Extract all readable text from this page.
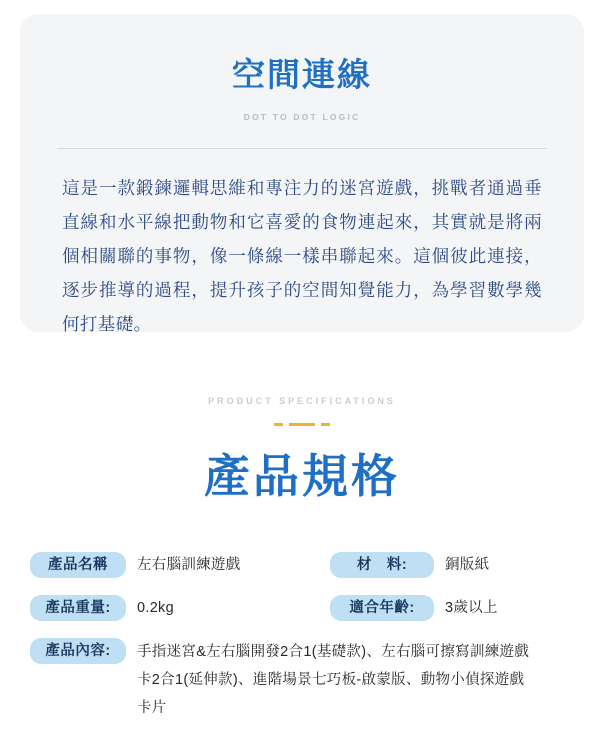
空間連線
DOT TO DOT LOGIC
這是一款鍛鍊邏輯思維和專注力的迷宮遊戲，挑戰者通過垂直線和水平線把動物和它喜愛的食物連起來，其實就是將兩個相關聯的事物，像一條線一樣串聯起來。這個彼此連接，逐步推導的過程，提升孩子的空間知覺能力，為學習數學幾何打基礎。
PRODUCT SPECIFICATIONS
產品規格
產品名稱	左右腦訓練遊戲	材　料:	銅版紙
產品重量:	0.2kg	適合年齡:	3歲以上
產品內容:	手指迷宮&左右腦開發2合1(基礎款)、左右腦可擦寫訓練遊戲卡2合1(延伸款)、進階場景七巧板-啟蒙版、動物小偵探遊戲卡片
